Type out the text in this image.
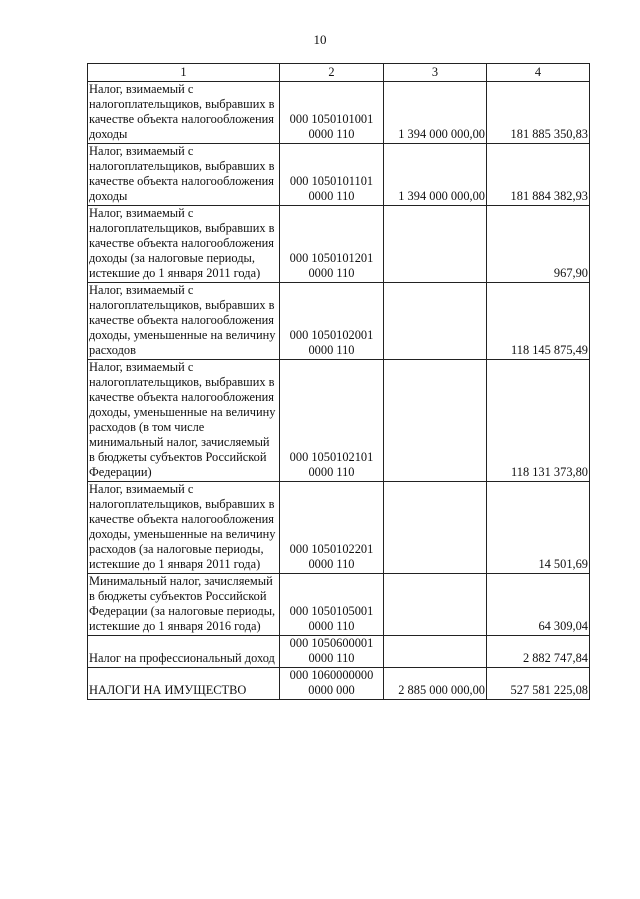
10
1	2	3	4
Налог, взимаемый с налогоплательщиков, выбравших в качестве объекта налогообложения доходы	000 1050101001
0000 110	1 394 000 000,00	181 885 350,83
Налог, взимаемый с налогоплательщиков, выбравших в качестве объекта налогообложения доходы	000 1050101101
0000 110	1 394 000 000,00	181 884 382,93
Налог, взимаемый с налогоплательщиков, выбравших в качестве объекта налогообложения доходы (за налоговые периоды, истекшие до 1 января 2011 года)	000 1050101201
0000 110		967,90
Налог, взимаемый с налогоплательщиков, выбравших в качестве объекта налогообложения доходы, уменьшенные на величину расходов	000 1050102001
0000 110		118 145 875,49
Налог, взимаемый с налогоплательщиков, выбравших в качестве объекта налогообложения доходы, уменьшенные на величину расходов (в том числе минимальный налог, зачисляемый в бюджеты субъектов Российской Федерации)	000 1050102101
0000 110		118 131 373,80
Налог, взимаемый с налогоплательщиков, выбравших в качестве объекта налогообложения доходы, уменьшенные на величину расходов (за налоговые периоды, истекшие до 1 января 2011 года)	000 1050102201
0000 110		14 501,69
Минимальный налог, зачисляемый в бюджеты субъектов Российской Федерации (за налоговые периоды, истекшие до 1 января 2016 года)	000 1050105001
0000 110		64 309,04
Налог на профессиональный доход	000 1050600001
0000 110		2 882 747,84
НАЛОГИ НА ИМУЩЕСТВО	000 1060000000
0000 000	2 885 000 000,00	527 581 225,08
